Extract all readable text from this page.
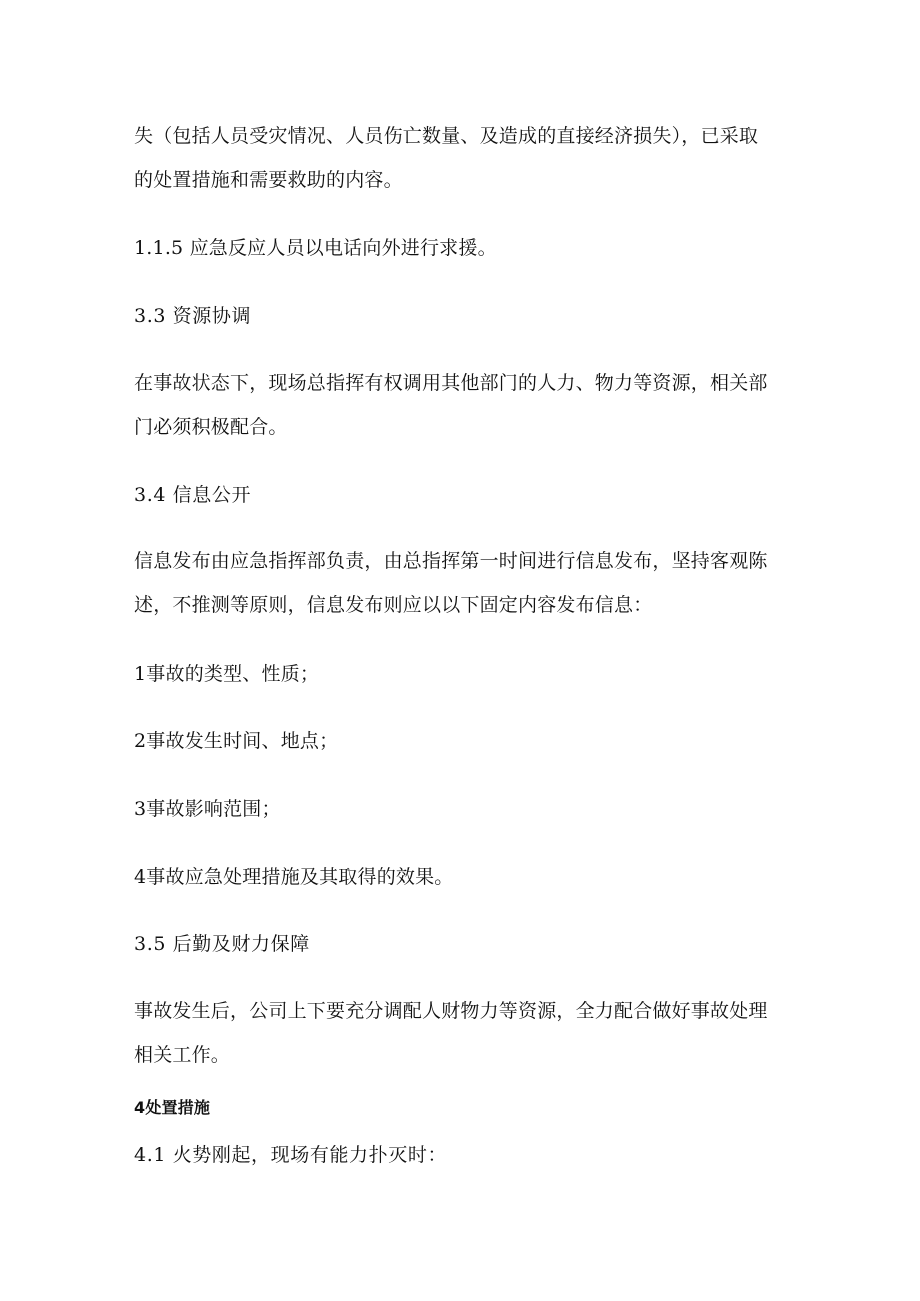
失（包括人员受灾情况、人员伤亡数量、及造成的直接经济损失），已采取

的处置措施和需要救助的内容。

1.1.5 应急反应人员以电话向外进行求援。

3.3 资源协调

在事故状态下，现场总指挥有权调用其他部门的人力、物力等资源，相关部

门必须积极配合。

3.4 信息公开

信息发布由应急指挥部负责，由总指挥第一时间进行信息发布，坚持客观陈

述，不推测等原则，信息发布则应以以下固定内容发布信息：

1事故的类型、性质；

2事故发生时间、地点；

3事故影响范围；

4事故应急处理措施及其取得的效果。

3.5 后勤及财力保障

事故发生后，公司上下要充分调配人财物力等资源，全力配合做好事故处理

相关工作。

4处置措施

4.1 火势刚起，现场有能力扑灭时：
